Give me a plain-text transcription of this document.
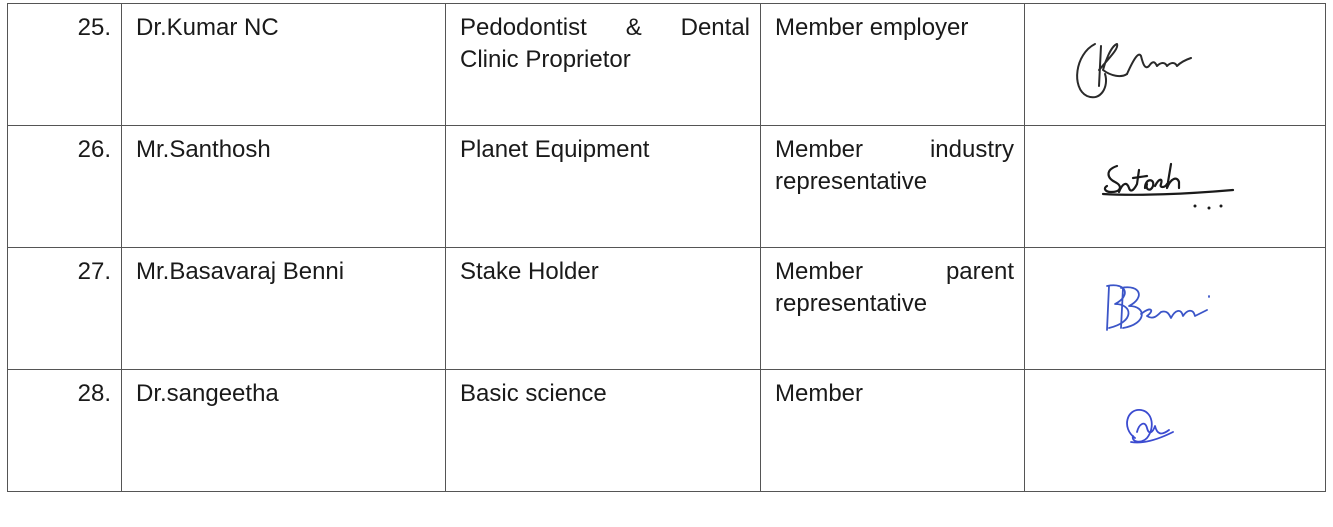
25.	Dr.Kumar NC	Pedodontist & Dental Clinic Proprietor	Member employer	

26.	Mr.Santhosh	Planet Equipment	Member industry representative	

27.	Mr.Basavaraj Benni	Stake Holder	Member parent representative	

28.	Dr.sangeetha	Basic science	Member	
